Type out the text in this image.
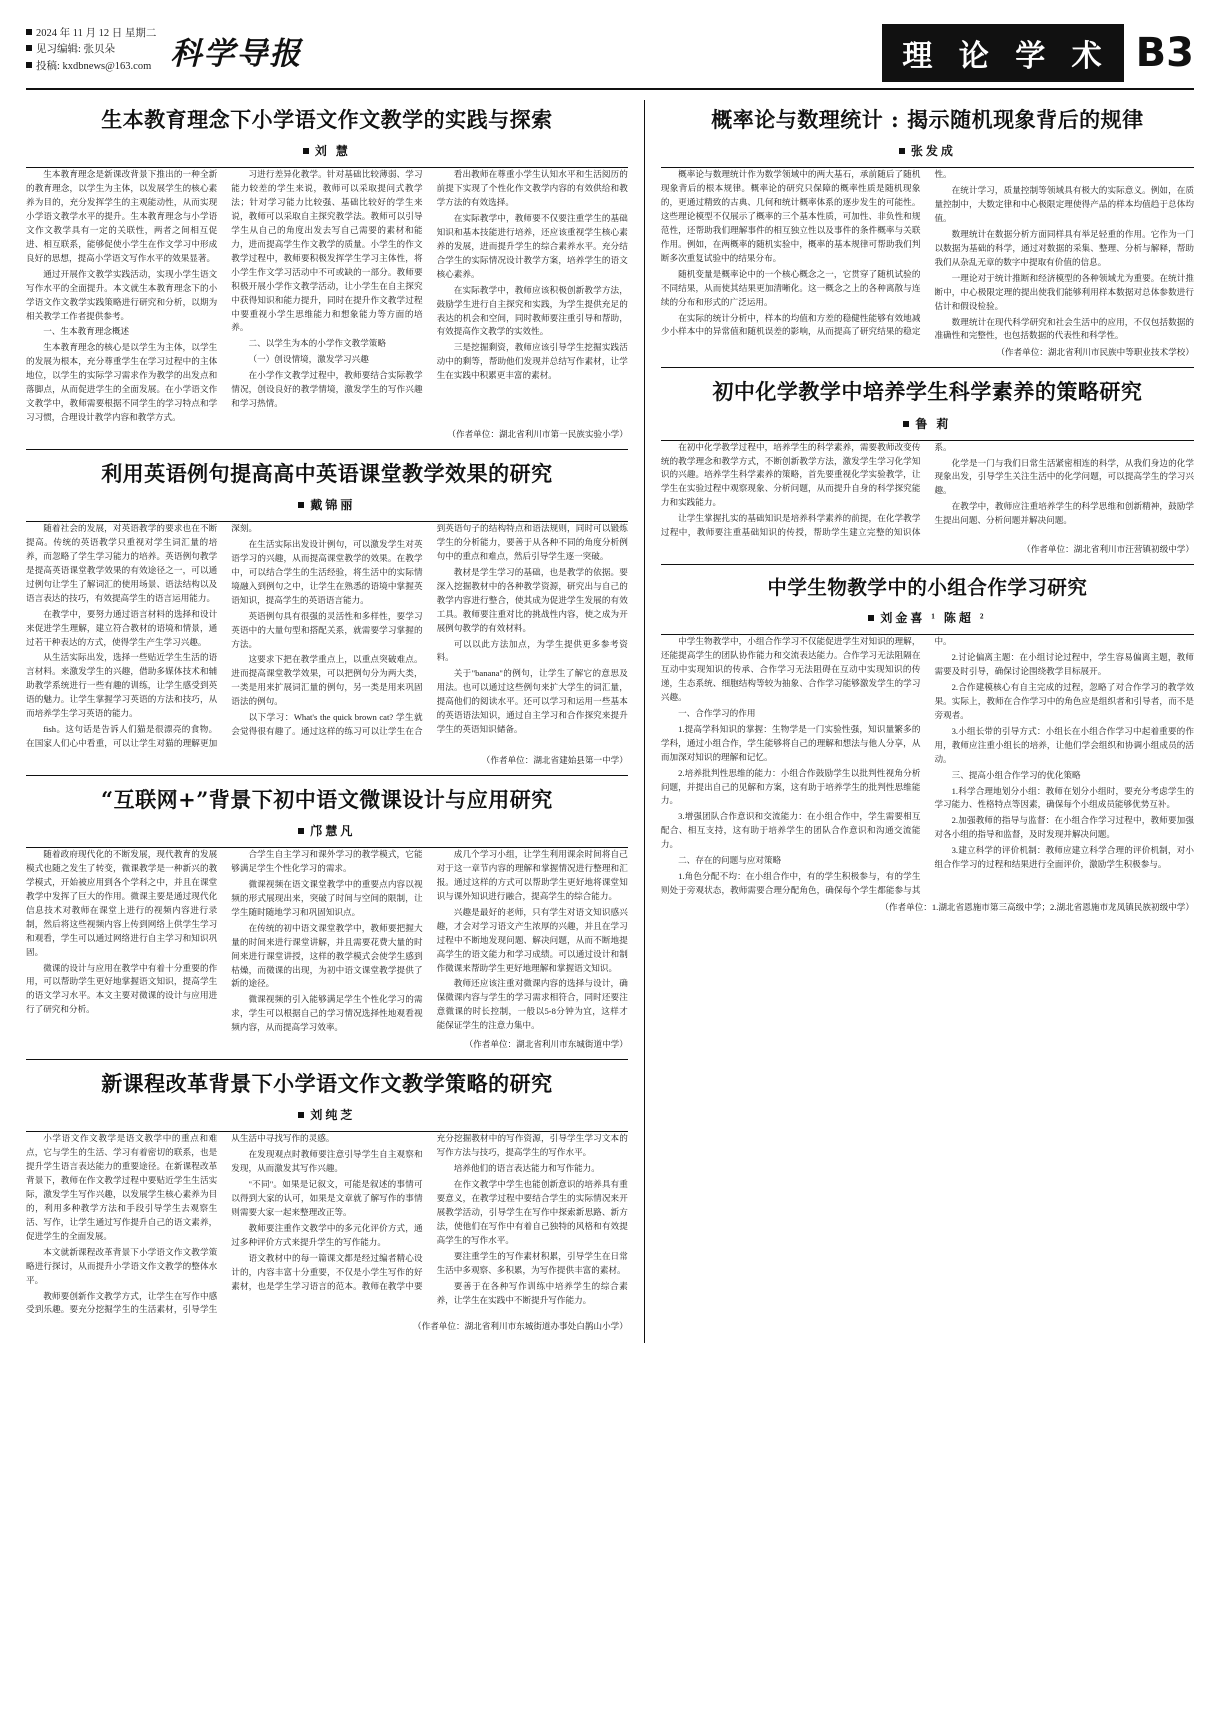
2024 年 11 月 12 日 星期二
见习编辑: 张贝朵
投稿: kxdbnews@163.com 科学导报	理 论 学 术 B3
生本教育理念下小学语文作文教学的实践与探索
刘 慧

生本教育理念是新课改背景下推出的一种全新的教育理念，以学生为主体，以发展学生的核心素养为目的，充分发挥学生的主观能动性，从而实现小学语文教学水平的提升。生本教育理念与小学语文作文教学具有一定的关联性，两者之间相互促进、相互联系，能够促使小学生在作文学习中形成良好的思想，提高小学语文写作水平的效果显著。

通过开展作文教学实践活动，实现小学生语文写作水平的全面提升。本文就生本教育理念下的小学语文作文教学实践策略进行研究和分析，以期为相关教学工作者提供参考。

一、生本教育理念概述

生本教育理念的核心是以学生为主体，以学生的发展为根本，充分尊重学生在学习过程中的主体地位，以学生的实际学习需求作为教学的出发点和落脚点，从而促进学生的全面发展。在小学语文作文教学中，教师需要根据不同学生的学习特点和学习习惯，合理设计教学内容和教学方式。

习进行差异化教学。针对基础比较薄弱、学习能力较差的学生来说，教师可以采取提问式教学法；针对学习能力比较强、基础比较好的学生来说，教师可以采取自主探究教学法。教师可以引导学生从自己的角度出发去写自己需要的素材和能力，进而提高学生作文教学的质量。小学生的作文教学过程中，教师要积极发挥学生学习主体性，将小学生作文学习活动中不可或缺的一部分。教师要积极开展小学作文教学活动，让小学生在自主探究中获得知识和能力提升，同时在提升作文教学过程中要重视小学生思维能力和想象能力等方面的培养。

二、以学生为本的小学作文教学策略

（一）创设情境，激发学习兴趣

在小学作文教学过程中，教师要结合实际教学情况，创设良好的教学情境，激发学生的写作兴趣和学习热情。

看出教师在尊重小学生认知水平和生活阅历的前提下实现了个性化作文教学内容的有效供给和教学方法的有效选择。

在实际教学中，教师要不仅要注重学生的基础知识和基本技能进行培养，还应该重视学生核心素养的发展，进而提升学生的综合素养水平。充分结合学生的实际情况设计教学方案，培养学生的语文核心素养。

在实际教学中，教师应该积极创新教学方法，鼓励学生进行自主探究和实践，为学生提供充足的表达的机会和空间，同时教师要注重引导和帮助，有效提高作文教学的实效性。

三是挖掘剩资，教师应该引导学生挖掘实践活动中的剩等，帮助他们发现并总结写作素材，让学生在实践中积累更丰富的素材。

（作者单位：湖北省利川市第一民族实验小学）
利用英语例句提高高中英语课堂教学效果的研究
戴锦丽

随着社会的发展，对英语教学的要求也在不断提高。传统的英语教学只重视对学生词汇量的培养，而忽略了学生学习能力的培养。英语例句教学是提高英语课堂教学效果的有效途径之一，可以通过例句让学生了解词汇的使用场景、语法结构以及语言表达的技巧，有效提高学生的语言运用能力。

在教学中，要努力通过语言材料的选择和设计来促进学生理解，建立符合教材的语境和情景，通过若干种表达的方式，使得学生产生学习兴趣。

从生活实际出发，选择一些贴近学生生活的语言材料。来激发学生的兴趣，借助多媒体技术和辅助教学系统进行一些有趣的训练，让学生感受到英语的魅力。让学生掌握学习英语的方法和技巧，从而培养学生学习英语的能力。

fish。这句话是告诉人们猫是很漂亮的食物。在国家人们心中看重，可以让学生对猫的理解更加深刻。

在生活实际出发设计例句，可以激发学生对英语学习的兴趣，从而提高课堂教学的效果。在教学中，可以结合学生的生活经验，将生活中的实际情境融入到例句之中，让学生在熟悉的语境中掌握英语知识，提高学生的英语语言能力。

英语例句具有很强的灵活性和多样性，要学习英语中的大量句型和搭配关系，就需要学习掌握的方法。

这要求下把在教学重点上，以重点突破难点。进而提高课堂教学效果，可以把例句分为两大类，一类是用来扩展词汇量的例句，另一类是用来巩固语法的例句。

以下学习：What's the quick brown cat? 学生就会觉得很有趣了。通过这样的练习可以让学生在合到英语句子的结构特点和语法规则，同时可以锻炼学生的分析能力，要善于从各种不同的角度分析例句中的重点和难点，然后引导学生逐一突破。

教材是学生学习的基础，也是教学的依据。要深入挖掘教材中的各种教学资源，研究出与自己的教学内容进行整合，使其成为促进学生发展的有效工具。教师要注重对比的挑战性内容，使之成为开展例句教学的有效材料。

可以以此方法加点，为学生提供更多参考资料。

关于"banana"的例句，让学生了解它的意思及用法。也可以通过这些例句来扩大学生的词汇量，提高他们的阅读水平。还可以学习和运用一些基本的英语语法知识，通过自主学习和合作探究来提升学生的英语知识储备。

（作者单位：湖北省建始县第一中学）
“互联网+”背景下初中语文微课设计与应用研究
邝慧凡

随着政府现代化的不断发展，现代教育的发展模式也随之发生了转变，微课教学是一种新兴的教学模式，开始被应用到各个学科之中，并且在课堂教学中发挥了巨大的作用。微课主要是通过现代化信息技术对教师在课堂上进行的视频内容进行录制，然后将这些视频内容上传到网络上供学生学习和观看，学生可以通过网络进行自主学习和知识巩固。

微课的设计与应用在教学中有着十分重要的作用，可以帮助学生更好地掌握语文知识，提高学生的语文学习水平。本文主要对微课的设计与应用进行了研究和分析。

合学生自主学习和课外学习的教学模式，它能够满足学生个性化学习的需求。

微课视频在语文课堂教学中的重要点内容以视频的形式展现出来，突破了时间与空间的限制，让学生随时随地学习和巩固知识点。

在传统的初中语文课堂教学中，教师要把握大量的时间来进行课堂讲解，并且需要花费大量的时间来进行课堂讲授，这样的教学模式会使学生感到枯燥，而微课的出现，为初中语文课堂教学提供了新的途径。

微课视频的引入能够满足学生个性化学习的需求，学生可以根据自己的学习情况选择性地观看视频内容，从而提高学习效率。

成几个学习小组，让学生利用课余时间将自己对于这一章节内容的理解和掌握情况进行整理和汇报。通过这样的方式可以帮助学生更好地将课堂知识与课外知识进行融合，提高学生的综合能力。

兴趣是最好的老师，只有学生对语文知识感兴趣，才会对学习语文产生浓厚的兴趣，并且在学习过程中不断地发现问题、解决问题，从而不断地提高学生的语文能力和学习成绩。可以通过设计和制作微课来帮助学生更好地理解和掌握语文知识。

教师还应该注重对微课内容的选择与设计，确保微课内容与学生的学习需求相符合，同时还要注意微课的时长控制，一般以5-8分钟为宜，这样才能保证学生的注意力集中。

（作者单位：湖北省利川市东城街道中学）
新课程改革背景下小学语文作文教学策略的研究
刘纯芝

小学语文作文教学是语文教学中的重点和难点，它与学生的生活、学习有着密切的联系，也是提升学生语言表达能力的重要途径。在新课程改革背景下，教师在作文教学过程中要贴近学生生活实际，激发学生写作兴趣，以发展学生核心素养为目的，利用多种教学方法和手段引导学生去观察生活、写作，让学生通过写作提升自己的语文素养，促进学生的全面发展。

本文就新课程改革背景下小学语文作文教学策略进行探讨，从而提升小学语文作文教学的整体水平。

教师要创新作文教学方式，让学生在写作中感受到乐趣。要充分挖掘学生的生活素材，引导学生从生活中寻找写作的灵感。

在发现观点时教师要注意引导学生自主观察和发现，从而激发其写作兴趣。

"不同"。如果是记叙文，可能是叙述的事情可以得到大家的认可，如果是文章就了解写作的事情则需要大家一起来整理改正等。

教师要注重作文教学中的多元化评价方式，通过多种评价方式来提升学生的写作能力。

语文教材中的每一篇课文都是经过编者精心设计的，内容丰富十分重要，不仅是小学生写作的好素材，也是学生学习语言的范本。教师在教学中要充分挖掘教材中的写作资源，引导学生学习文本的写作方法与技巧，提高学生的写作水平。

培养他们的语言表达能力和写作能力。

在作文教学中学生也能创新意识的培养具有重要意义，在教学过程中要结合学生的实际情况来开展教学活动，引导学生在写作中探索新思路、新方法，使他们在写作中有着自己独特的风格和有效提高学生的写作水平。

要注重学生的写作素材积累，引导学生在日常生活中多观察、多积累，为写作提供丰富的素材。

要善于在各种写作训练中培养学生的综合素养，让学生在实践中不断提升写作能力。

（作者单位：湖北省利川市东城街道办事处白鹊山小学）
概率论与数理统计 : 揭示随机现象背后的规律
张发成

概率论与数理统计作为数学领域中的两大基石，承前随后了随机现象背后的根本规律。概率论的研究只保障的概率性质是随机现象的，更通过精致的古典、几何和统计概率体系的逐步发生的可能性。这些理论模型不仅展示了概率的三个基本性质，可加性、非负性和规范性，还帮助我们理解事件的相互独立性以及事件的条件概率与关联作用。例如，在两概率的随机实验中，概率的基本规律可帮助我们判断多次重复试验中的结果分布。

随机变量是概率论中的一个核心概念之一，它贯穿了随机试验的不同结果，从而使其结果更加清晰化。这一概念之上的各种离散与连续的分布和形式的广泛运用。

在实际的统计分析中，样本的均值和方差的稳健性能够有效地减少小样本中的异常值和随机误差的影响，从而提高了研究结果的稳定性。

在统计学习，质量控制等领域具有极大的实际意义。例如，在质量控制中，大数定律和中心极限定理使得产品的样本均值趋于总体均值。

数理统计在数据分析方面同样具有举足轻重的作用。它作为一门以数据为基础的科学，通过对数据的采集、整理、分析与解释，帮助我们从杂乱无章的数字中提取有价值的信息。

一理论对于统计推断和经济模型的各种领域尤为重要。在统计推断中，中心极限定理的提出使我们能够利用样本数据对总体参数进行估计和假设检验。

数理统计在现代科学研究和社会生活中的应用，不仅包括数据的准确性和完整性，也包括数据的代表性和科学性。

（作者单位：湖北省利川市民族中等职业技术学校）
初中化学教学中培养学生科学素养的策略研究
鲁 莉

在初中化学教学过程中，培养学生的科学素养，需要教师改变传统的教学理念和教学方式，不断创新教学方法，激发学生学习化学知识的兴趣。培养学生科学素养的策略，首先要重视化学实验教学，让学生在实验过程中观察现象、分析问题，从而提升自身的科学探究能力和实践能力。

让学生掌握扎实的基础知识是培养科学素养的前提，在化学教学过程中，教师要注重基础知识的传授，帮助学生建立完整的知识体系。

化学是一门与我们日常生活紧密相连的科学，从我们身边的化学现象出发，引导学生关注生活中的化学问题，可以提高学生的学习兴趣。

在教学中，教师应注重培养学生的科学思维和创新精神，鼓励学生提出问题、分析问题并解决问题。

（作者单位：湖北省利川市汪营镇初级中学）
中学生物教学中的小组合作学习研究
刘金喜 ¹ 陈超 ²

中学生物教学中，小组合作学习不仅能促进学生对知识的理解，还能提高学生的团队协作能力和交流表达能力。合作学习无法阻隔在互动中实现知识的传承、合作学习无法阻碍在互动中实现知识的传递，生态系统、细胞结构等较为抽象、合作学习能够激发学生的学习兴趣。

一、合作学习的作用

1.提高学科知识的掌握：生物学是一门实验性强，知识量繁多的学科，通过小组合作，学生能够将自己的理解和想法与他人分享，从而加深对知识的理解和记忆。

2.培养批判性思维的能力：小组合作鼓励学生以批判性视角分析问题，并提出自己的见解和方案，这有助于培养学生的批判性思维能力。

3.增强团队合作意识和交流能力：在小组合作中，学生需要相互配合、相互支持，这有助于培养学生的团队合作意识和沟通交流能力。

二、存在的问题与应对策略

1.角色分配不均：在小组合作中，有的学生积极参与，有的学生则处于旁观状态，教师需要合理分配角色，确保每个学生都能参与其中。

2.讨论偏离主题：在小组讨论过程中，学生容易偏离主题，教师需要及时引导，确保讨论围绕教学目标展开。

2.合作建模核心有自主完成的过程，忽略了对合作学习的教学效果。实际上，教师在合作学习中的角色应是组织者和引导者，而不是旁观者。

3.小组长带的引导方式：小组长在小组合作学习中起着重要的作用，教师应注重小组长的培养，让他们学会组织和协调小组成员的活动。

三、提高小组合作学习的优化策略

1.科学合理地划分小组：教师在划分小组时，要充分考虑学生的学习能力、性格特点等因素，确保每个小组成员能够优势互补。

2.加强教师的指导与监督：在小组合作学习过程中，教师要加强对各小组的指导和监督，及时发现并解决问题。

3.建立科学的评价机制：教师应建立科学合理的评价机制，对小组合作学习的过程和结果进行全面评价，激励学生积极参与。

（作者单位：1.湖北省恩施市第三高级中学；2.湖北省恩施市龙凤镇民族初级中学）
